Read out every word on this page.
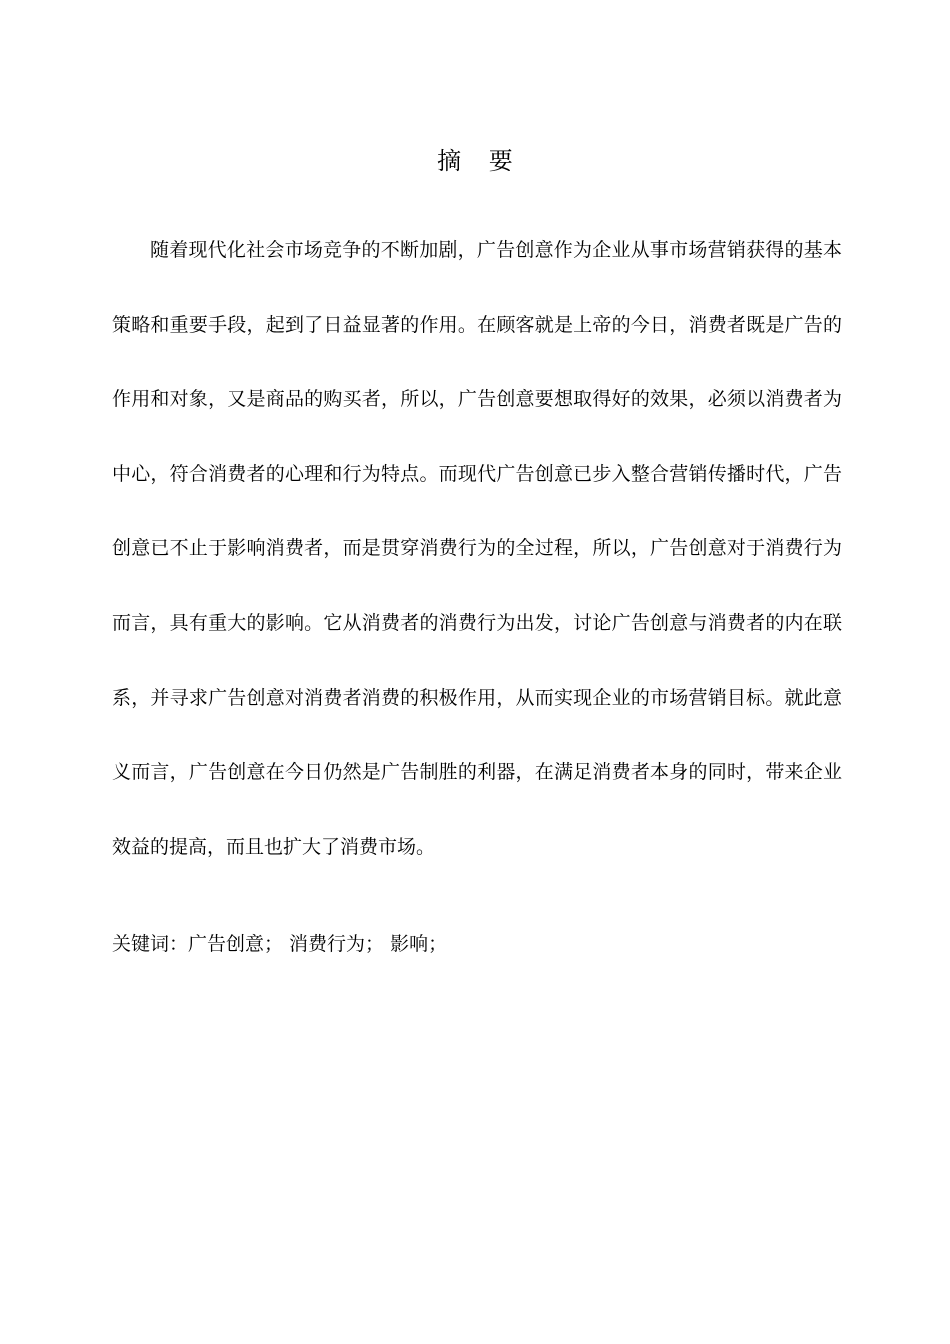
摘 要
随着现代化社会市场竞争的不断加剧，广告创意作为企业从事市场营销获得的基本
策略和重要手段，起到了日益显著的作用。在顾客就是上帝的今日，消费者既是广告的
作用和对象，又是商品的购买者，所以，广告创意要想取得好的效果，必须以消费者为
中心，符合消费者的心理和行为特点。而现代广告创意已步入整合营销传播时代，广告
创意已不止于影响消费者，而是贯穿消费行为的全过程，所以，广告创意对于消费行为
而言，具有重大的影响。它从消费者的消费行为出发，讨论广告创意与消费者的内在联
系，并寻求广告创意对消费者消费的积极作用，从而实现企业的市场营销目标。就此意
义而言，广告创意在今日仍然是广告制胜的利器，在满足消费者本身的同时，带来企业
效益的提高，而且也扩大了消费市场。
关键词：广告创意； 消费行为； 影响；
